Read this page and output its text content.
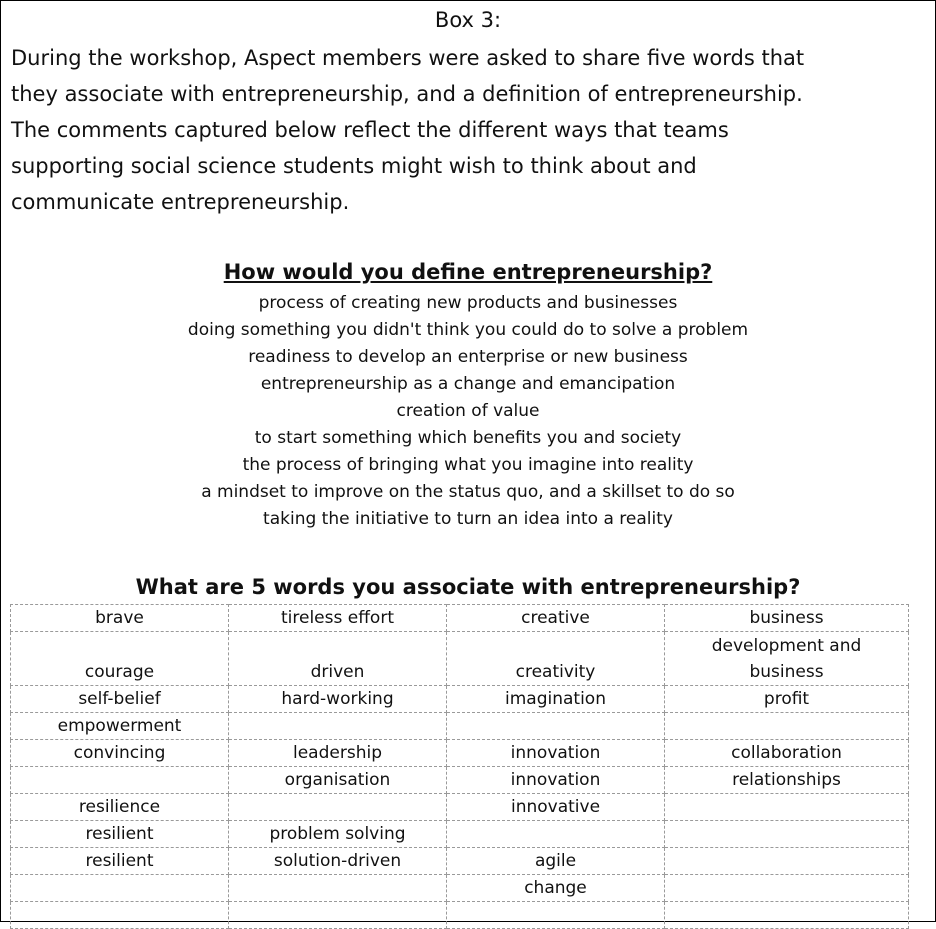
Box 3:
During the workshop, Aspect members were asked to share five words that
they associate with entrepreneurship, and a definition of entrepreneurship.
The comments captured below reflect the different ways that teams
supporting social science students might wish to think about and
communicate entrepreneurship.
How would you define entrepreneurship?
process of creating new products and businesses
doing something you didn't think you could do to solve a problem
readiness to develop an enterprise or new business
entrepreneurship as a change and emancipation
creation of value
to start something which benefits you and society
the process of bringing what you imagine into reality
a mindset to improve on the status quo, and a skillset to do so
taking the initiative to turn an idea into a reality
What are 5 words you associate with entrepreneurship?
brave	tireless effort	creative	business
courage	driven	creativity	development and
business

self-belief	hard-working	imagination	profit
empowerment			
convincing	leadership	innovation	collaboration
	organisation	innovation	relationships
resilience		innovative	
resilient	problem solving		
resilient	solution-driven	agile	
		change	
